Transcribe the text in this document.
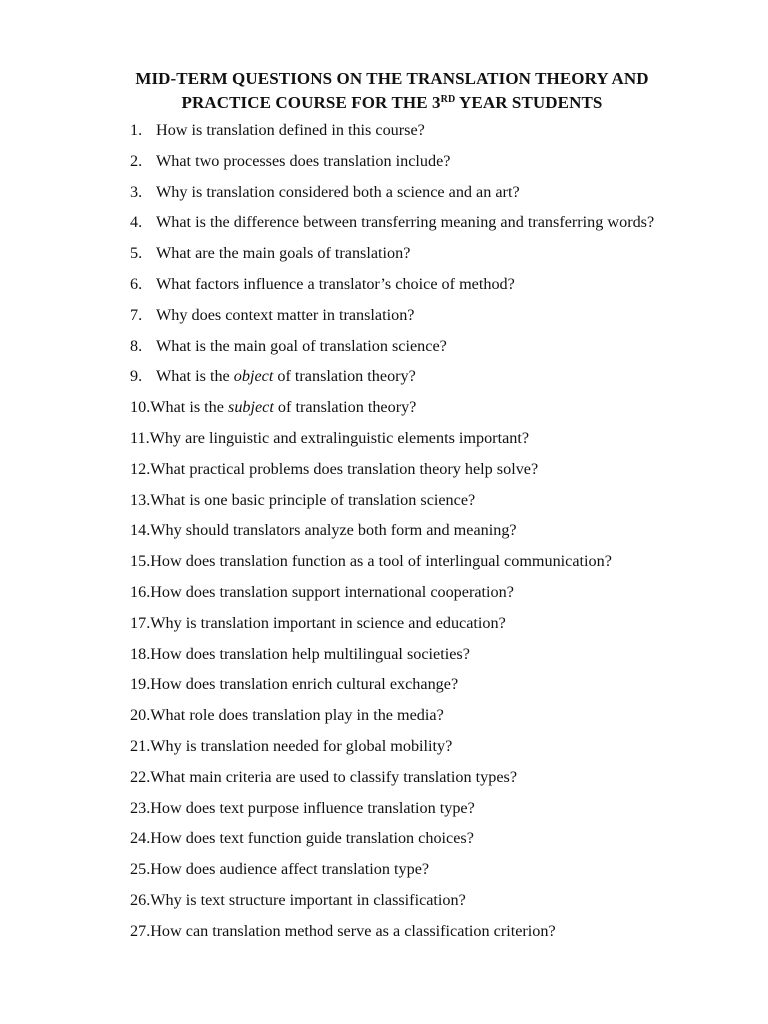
MID-TERM QUESTIONS ON THE TRANSLATION THEORY AND
PRACTICE COURSE FOR THE 3RD YEAR STUDENTS
1. How is translation defined in this course?
2. What two processes does translation include?
3. Why is translation considered both a science and an art?
4. What is the difference between transferring meaning and transferring words?
5. What are the main goals of translation?
6. What factors influence a translator’s choice of method?
7. Why does context matter in translation?
8. What is the main goal of translation science?
9. What is the object of translation theory?
10.What is the subject of translation theory?
11.Why are linguistic and extralinguistic elements important?
12.What practical problems does translation theory help solve?
13.What is one basic principle of translation science?
14.Why should translators analyze both form and meaning?
15.How does translation function as a tool of interlingual communication?
16.How does translation support international cooperation?
17.Why is translation important in science and education?
18.How does translation help multilingual societies?
19.How does translation enrich cultural exchange?
20.What role does translation play in the media?
21.Why is translation needed for global mobility?
22.What main criteria are used to classify translation types?
23.How does text purpose influence translation type?
24.How does text function guide translation choices?
25.How does audience affect translation type?
26.Why is text structure important in classification?
27.How can translation method serve as a classification criterion?
